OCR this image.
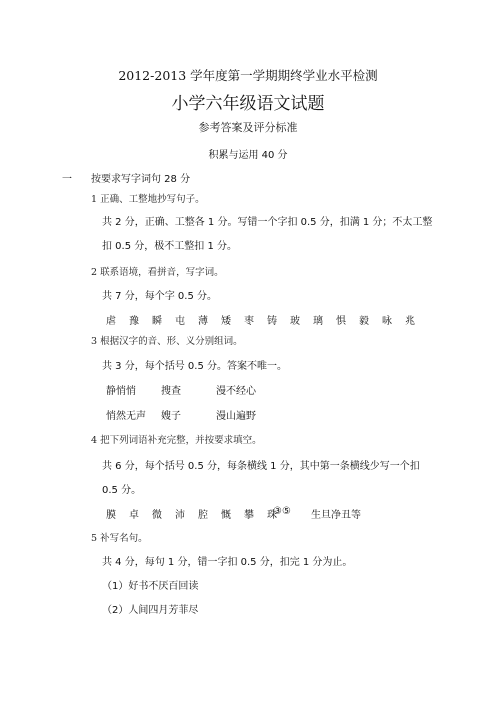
2012-2013 学年度第一学期期终学业水平检测
小学六年级语文试题
参考答案及评分标准
积累与运用 40 分
一 按要求写字词句 28 分
1 正确、工整地抄写句子。
共 2 分，正确、工整各 1 分。写错一个字扣 0.5 分，扣满 1 分；不太工整
扣 0.5 分，极不工整扣 1 分。
2 联系语境，看拼音，写字词。
共 7 分，每个字 0.5 分。
虐 豫 瞬 屯 薄 矮 枣 铸 玻 璃 惧 毅 咏 兆
3 根据汉字的音、形、义分别组词。
共 3 分，每个括号 0.5 分。答案不唯一。
静悄悄	搜查	漫不经心
悄然无声 嫂子	漫山遍野
4 把下列词语补充完整，并按要求填空。
共 6 分，每个括号 0.5 分，每条横线 1 分，其中第一条横线少写一个扣
0.5 分。
膜 卓 微 沛 腔 慨 攀 珠
③⑤ 生旦净丑等
5 补写名句。
共 4 分，每句 1 分，错一字扣 0.5 分，扣完 1 分为止。
（1）好书不厌百回读
（2）人间四月芳菲尽
